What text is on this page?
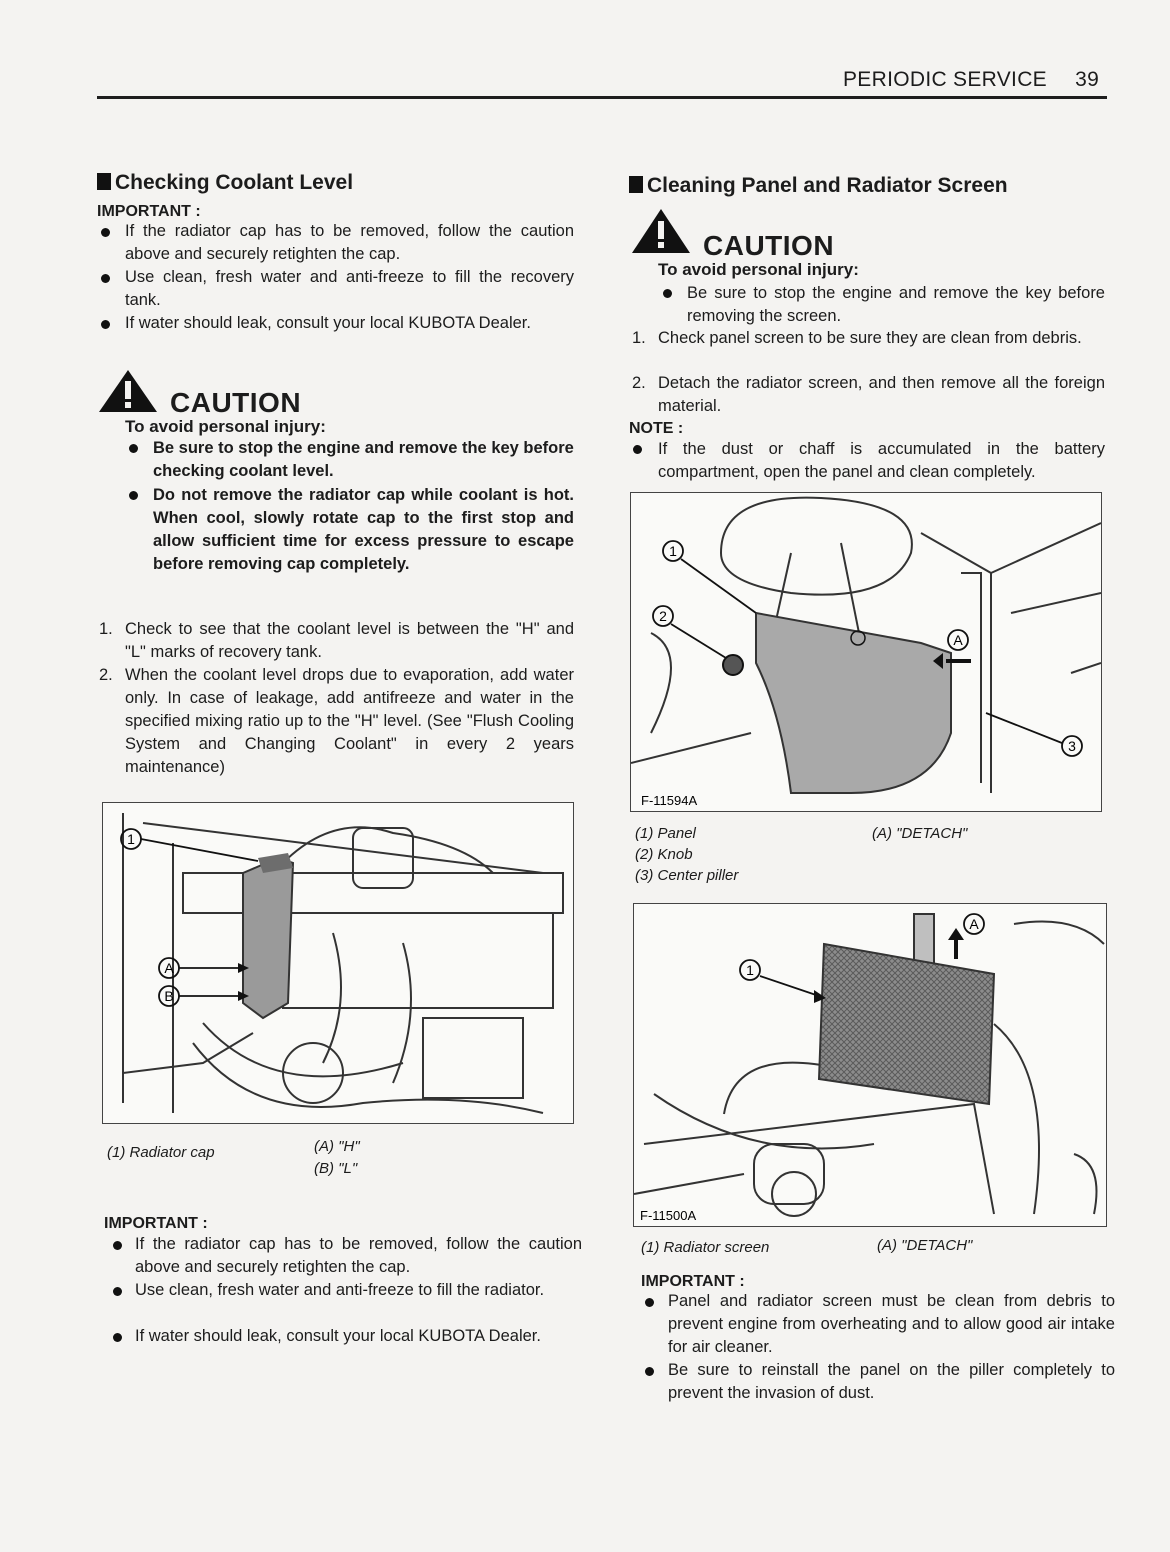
PERIODIC SERVICE 39
Checking Coolant Level
IMPORTANT :
If the radiator cap has to be removed, follow the caution above and securely retighten the cap.
Use clean, fresh water and anti-freeze to fill the recovery tank.
If water should leak, consult your local KUBOTA Dealer.
CAUTION
To avoid personal injury:
Be sure to stop the engine and remove the key before checking coolant level.
Do not remove the radiator cap while coolant is hot. When cool, slowly rotate cap to the first stop and allow sufficient time for excess pressure to escape before removing cap completely.
1. Check to see that the coolant level is between the "H" and "L" marks of recovery tank.
2. When the coolant level drops due to evaporation, add water only. In case of leakage, add antifreeze and water in the specified mixing ratio up to the "H" level. (See "Flush Cooling System and Changing Coolant" in every 2 years maintenance)
1
A
B
(1) Radiator cap	(A) "H"
(B) "L"
IMPORTANT :
If the radiator cap has to be removed, follow the caution above and securely retighten the cap.
Use clean, fresh water and anti-freeze to fill the radiator.
If water should leak, consult your local KUBOTA Dealer.
Cleaning Panel and Radiator Screen
CAUTION
To avoid personal injury:
Be sure to stop the engine and remove the key before removing the screen.
1. Check panel screen to be sure they are clean from debris.
2. Detach the radiator screen, and then remove all the foreign material.
NOTE :
If the dust or chaff is accumulated in the battery compartment, open the panel and clean completely.
1
2
A
3
F-11594A
(1) Panel
(2) Knob
(3) Center piller
(A) "DETACH"
A
1
F-11500A
(1) Radiator screen	(A) "DETACH"
IMPORTANT :
Panel and radiator screen must be clean from debris to prevent engine from overheating and to allow good air intake for air cleaner.
Be sure to reinstall the panel on the piller completely to prevent the invasion of dust.
